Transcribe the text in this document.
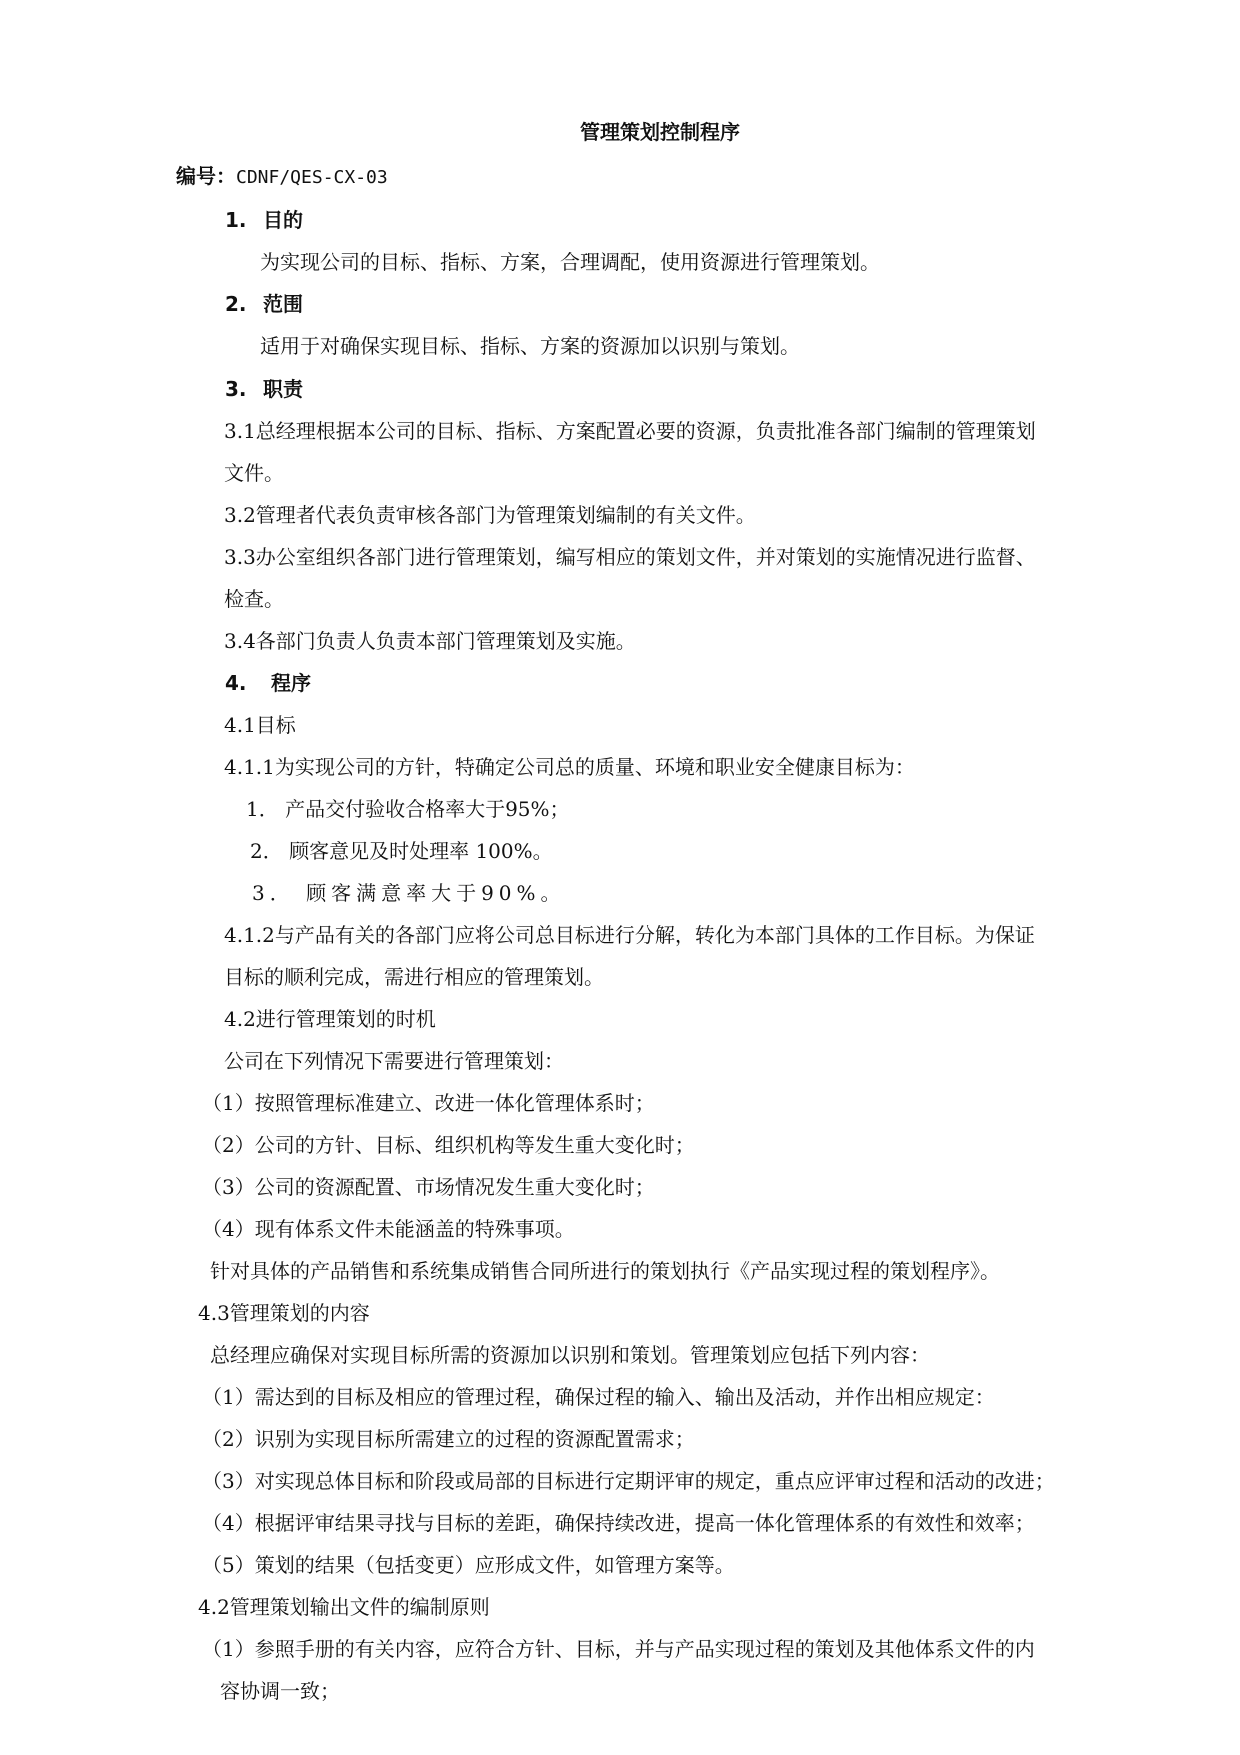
管理策划控制程序
编号：CDNF/QES-CX-03
1. 目的
为实现公司的目标、指标、方案，合理调配，使用资源进行管理策划。
2. 范围
适用于对确保实现目标、指标、方案的资源加以识别与策划。
3. 职责
3.1总经理根据本公司的目标、指标、方案配置必要的资源，负责批准各部门编制的管理策划
文件。
3.2管理者代表负责审核各部门为管理策划编制的有关文件。
3.3办公室组织各部门进行管理策划，编写相应的策划文件，并对策划的实施情况进行监督、
检查。
3.4各部门负责人负责本部门管理策划及实施。
4. 程序
4.1目标
4.1.1为实现公司的方针，特确定公司总的质量、环境和职业安全健康目标为：
1． 产品交付验收合格率大于95%；
2． 顾客意见及时处理率 100%。
3． 顾客满意率大于90%。
4.1.2与产品有关的各部门应将公司总目标进行分解，转化为本部门具体的工作目标。为保证
目标的顺利完成，需进行相应的管理策划。
4.2进行管理策划的时机
公司在下列情况下需要进行管理策划：
（1）按照管理标准建立、改进一体化管理体系时；
（2）公司的方针、目标、组织机构等发生重大变化时；
（3）公司的资源配置、市场情况发生重大变化时；
（4）现有体系文件未能涵盖的特殊事项。
针对具体的产品销售和系统集成销售合同所进行的策划执行《产品实现过程的策划程序》。
4.3管理策划的内容
总经理应确保对实现目标所需的资源加以识别和策划。管理策划应包括下列内容：
（1）需达到的目标及相应的管理过程，确保过程的输入、输出及活动，并作出相应规定：
（2）识别为实现目标所需建立的过程的资源配置需求；
（3）对实现总体目标和阶段或局部的目标进行定期评审的规定，重点应评审过程和活动的改进；
（4）根据评审结果寻找与目标的差距，确保持续改进，提高一体化管理体系的有效性和效率；
（5）策划的结果（包括变更）应形成文件，如管理方案等。
4.2管理策划输出文件的编制原则
（1）参照手册的有关内容，应符合方针、目标，并与产品实现过程的策划及其他体系文件的内
容协调一致；
